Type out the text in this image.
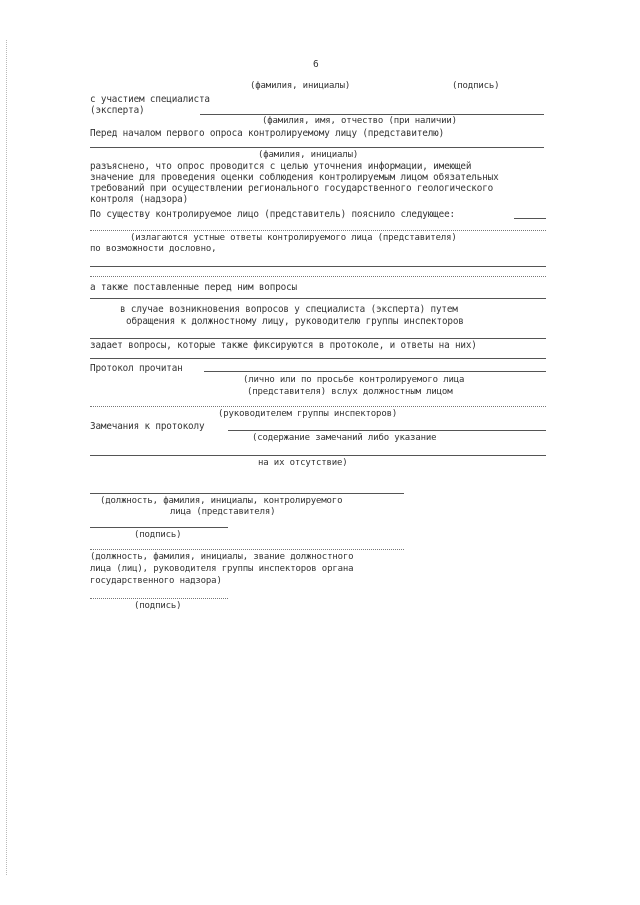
6
(фамилия, инициалы)	(подпись)
с участием специалиста
(эксперта)
(фамилия, имя, отчество (при наличии)
Перед началом первого опроса контролируемому лицу (представителю)
(фамилия, инициалы)
разъяснено, что опрос проводится с целью уточнения информации, имеющей
значение для проведения оценки соблюдения контролируемым лицом обязательных
требований при осуществлении регионального государственного геологического
контроля (надзора)
По существу контролируемое лицо (представитель) пояснило следующее:
(излагаются устные ответы контролируемого лица (представителя)
по возможности дословно,
а также поставленные перед ним вопросы
в случае возникновения вопросов у специалиста (эксперта) путем
обращения к должностному лицу, руководителю группы инспекторов
задает вопросы, которые также фиксируются в протоколе, и ответы на них)
Протокол прочитан
(лично или по просьбе контролируемого лица
(представителя) вслух должностным лицом
(руководителем группы инспекторов)
Замечания к протоколу
(содержание замечаний либо указание
на их отсутствие)
(должность, фамилия, инициалы, контролируемого
лица (представителя)
(подпись)
(должность, фамилия, инициалы, звание должностного
лица (лиц), руководителя группы инспекторов органа
государственного надзора)
(подпись)
